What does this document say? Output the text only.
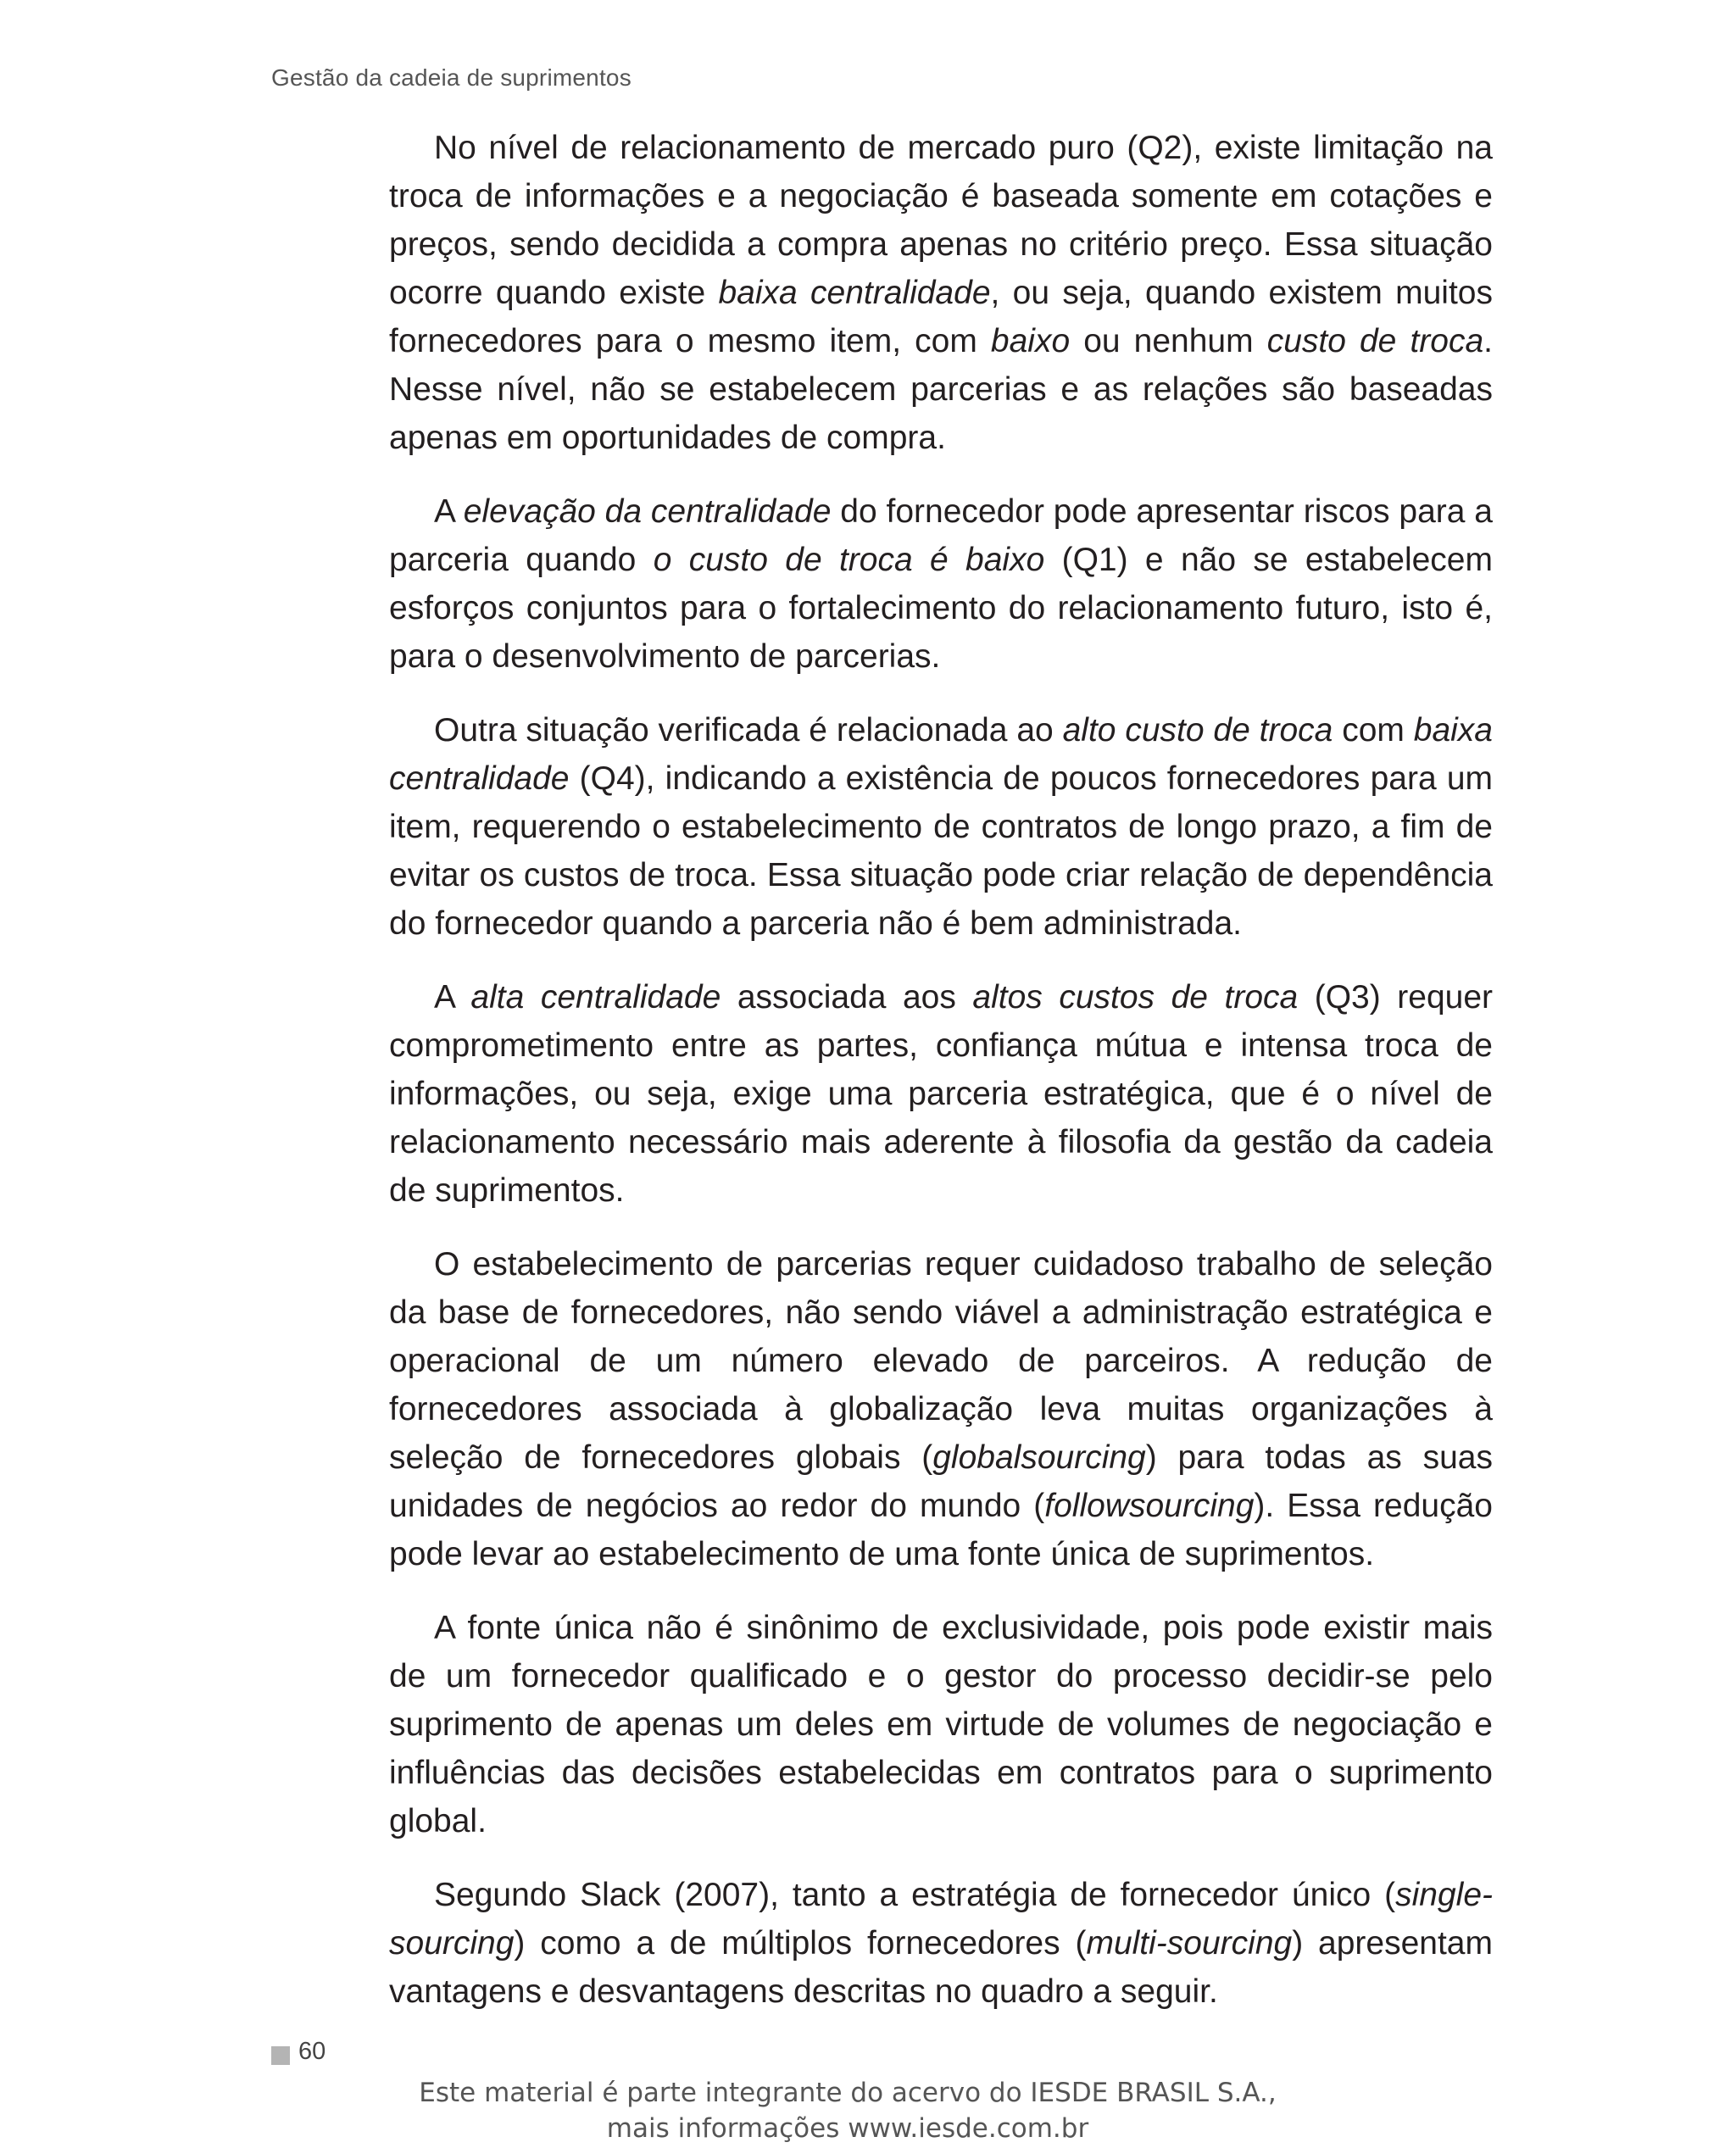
Gestão da cadeia de suprimentos

No nível de relacionamento de mercado puro (Q2), existe limitação na troca de informações e a negociação é baseada somente em cotações e preços, sendo decidida a compra apenas no critério preço. Essa situação ocorre quando existe baixa centralidade, ou seja, quando existem muitos fornecedores para o mesmo item, com baixo ou nenhum custo de troca. Nesse nível, não se estabelecem parcerias e as relações são baseadas apenas em oportunidades de compra.

A elevação da centralidade do fornecedor pode apresentar riscos para a parceria quando o custo de troca é baixo (Q1) e não se estabelecem esforços conjuntos para o fortalecimento do relacionamento futuro, isto é, para o desenvolvimento de parcerias.

Outra situação verificada é relacionada ao alto custo de troca com baixa centralidade (Q4), indicando a existência de poucos fornecedores para um item, requerendo o estabelecimento de contratos de longo prazo, a fim de evitar os custos de troca. Essa situação pode criar relação de dependência do fornecedor quando a parceria não é bem administrada.

A alta centralidade associada aos altos custos de troca (Q3) requer comprometimento entre as partes, confiança mútua e intensa troca de informações, ou seja, exige uma parceria estratégica, que é o nível de relacionamento necessário mais aderente à filosofia da gestão da cadeia de suprimentos.

O estabelecimento de parcerias requer cuidadoso trabalho de seleção da base de fornecedores, não sendo viável a administração estratégica e operacional de um número elevado de parceiros. A redução de fornecedores associada à globalização leva muitas organizações à seleção de fornecedores globais (globalsourcing) para todas as suas unidades de negócios ao redor do mundo (followsourcing). Essa redução pode levar ao estabelecimento de uma fonte única de suprimentos.

A fonte única não é sinônimo de exclusividade, pois pode existir mais de um fornecedor qualificado e o gestor do processo decidir-se pelo suprimento de apenas um deles em virtude de volumes de negociação e influências das decisões estabelecidas em contratos para o suprimento global.

Segundo Slack (2007), tanto a estratégia de fornecedor único (single-sourcing) como a de múltiplos fornecedores (multi-sourcing) apresentam vantagens e desvantagens descritas no quadro a seguir.

60
Este material é parte integrante do acervo do IESDE BRASIL S.A.,
mais informações www.iesde.com.br
